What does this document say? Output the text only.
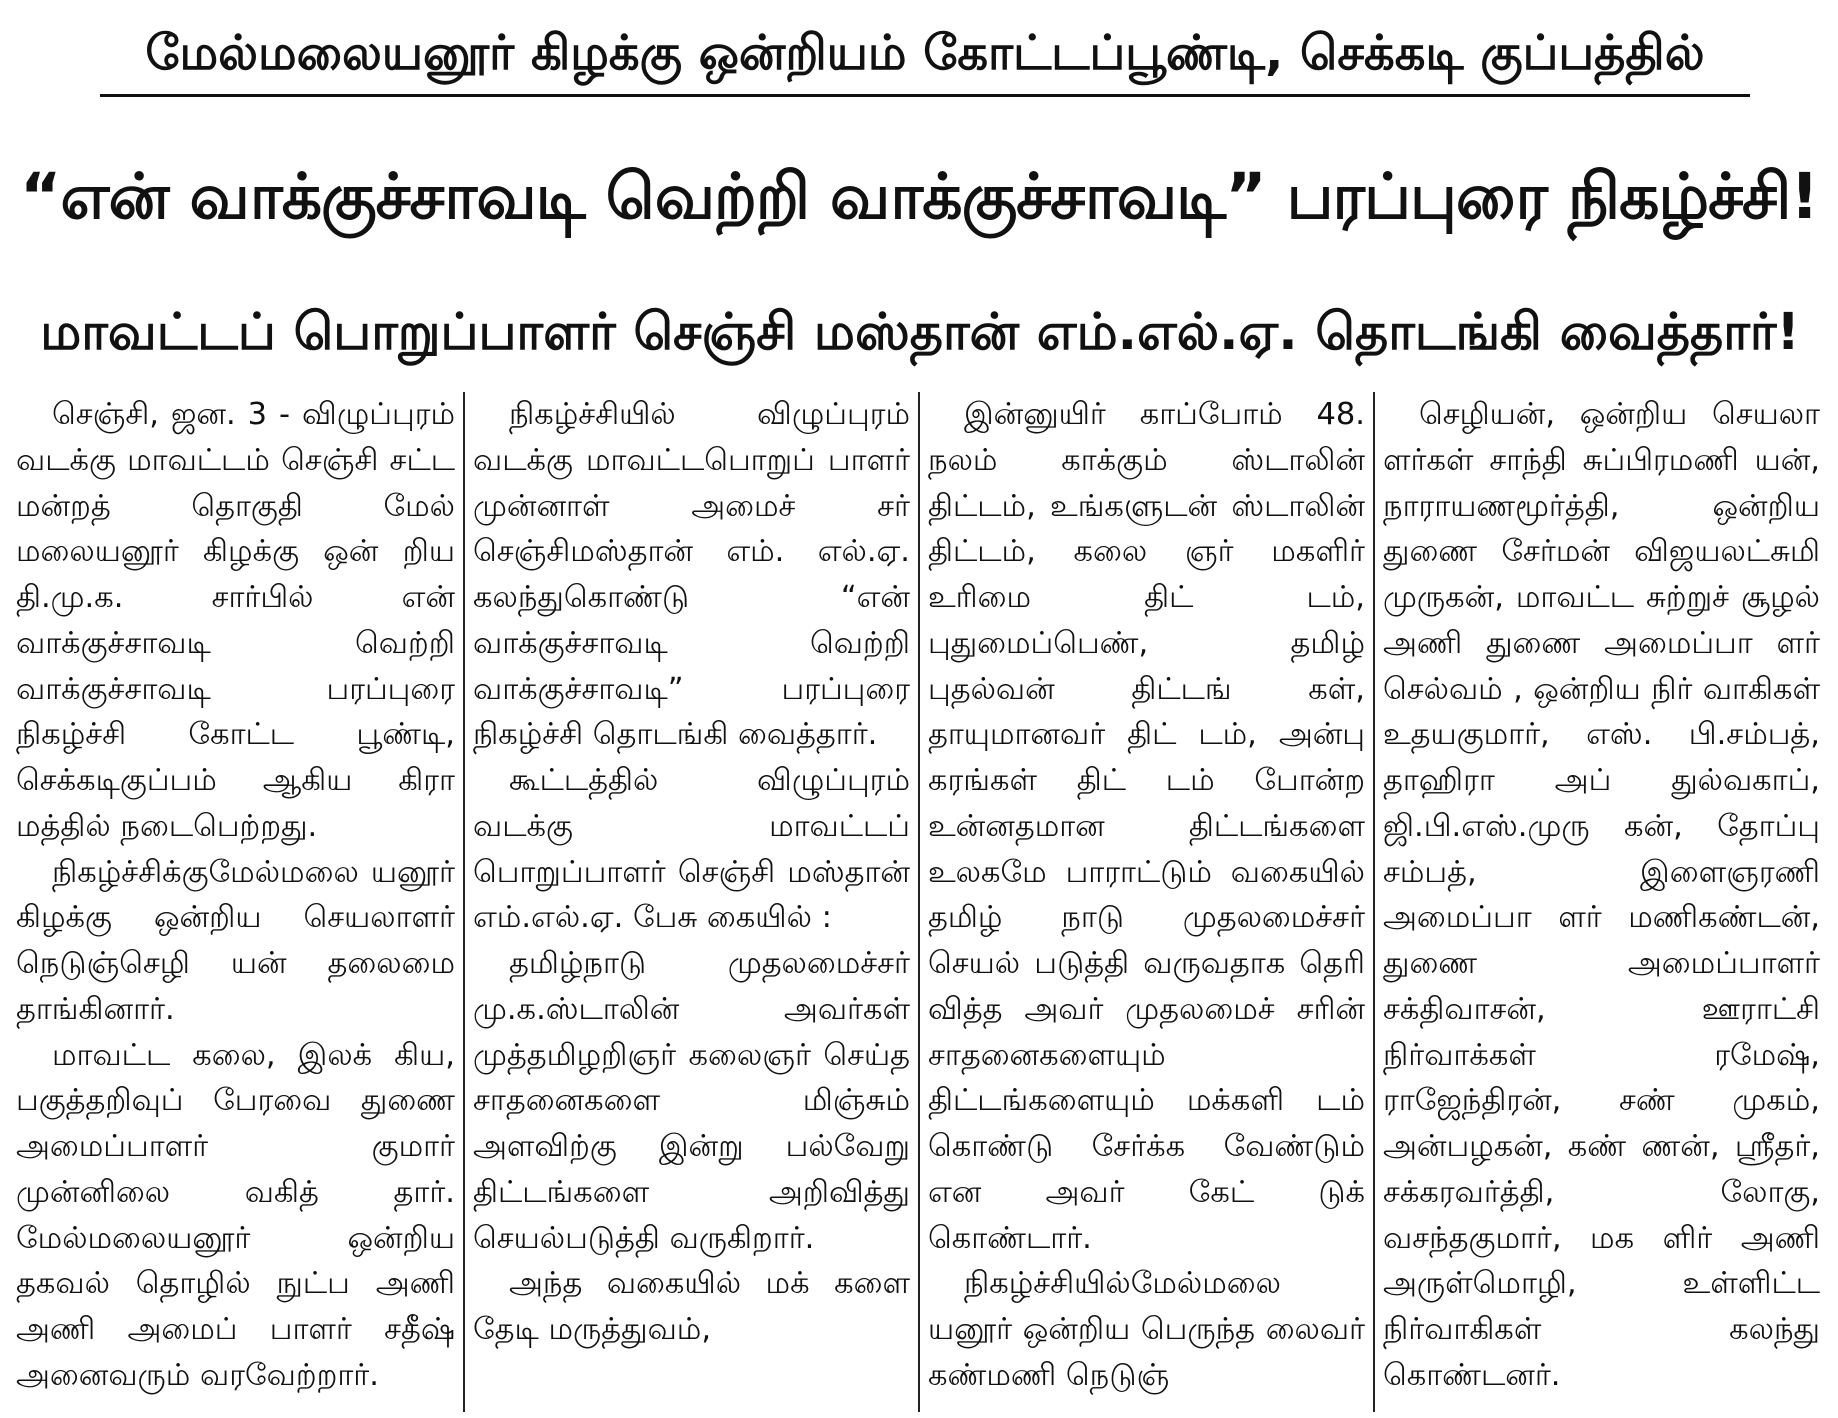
மேல்மலையனூர் கிழக்கு ஒன்றியம் கோட்டப்பூண்டி, செக்கடி குப்பத்தில்
“என் வாக்குச்சாவடி வெற்றி வாக்குச்சாவடி” பரப்புரை நிகழ்ச்சி!
மாவட்டப் பொறுப்பாளர் செஞ்சி மஸ்தான் எம்.எல்.ஏ. தொடங்கி வைத்தார்!

செஞ்சி, ஜன. 3 - விழுப்புரம் வடக்கு மாவட்டம் செஞ்சி சட்ட மன்றத் தொகுதி மேல் மலையனூர் கிழக்கு ஒன் றிய தி.மு.க. சார்பில் என் வாக்குச்சாவடி வெற்றி வாக்குச்சாவடி பரப்புரை நிகழ்ச்சி கோட்ட பூண்டி, செக்கடிகுப்பம் ஆகிய கிரா மத்தில் நடைபெற்றது.

நிகழ்ச்சிக்குமேல்மலை யனூர் கிழக்கு ஒன்றிய செயலாளர் நெடுஞ்செழி யன் தலைமை தாங்கினார்.

மாவட்ட கலை, இலக் கிய, பகுத்தறிவுப் பேரவை துணை அமைப்பாளர் குமார் முன்னிலை வகித் தார். மேல்மலையனூர் ஒன்றிய தகவல் தொழில் நுட்ப அணி அணி அமைப் பாளர் சதீஷ் அனைவரும் வரவேற்றார்.

நிகழ்ச்சியில் விழுப்புரம் வடக்கு மாவட்டபொறுப் பாளர் முன்னாள் அமைச் சர் செஞ்சிமஸ்தான் எம். எல்.ஏ. கலந்துகொண்டு “என் வாக்குச்சாவடி வெற்றி வாக்குச்சாவடி” பரப்புரை நிகழ்ச்சி தொடங்கி வைத்தார்.

கூட்டத்தில் விழுப்புரம் வடக்கு மாவட்டப் பொறுப்பாளர் செஞ்சி மஸ்தான் எம்.எல்.ஏ. பேசு கையில் :

தமிழ்நாடு முதலமைச்சர் மு.க.ஸ்டாலின் அவர்கள் முத்தமிழறிஞர் கலைஞர் செய்த சாதனைகளை மிஞ்சும் அளவிற்கு இன்று பல்வேறு திட்டங்களை அறிவித்து செயல்படுத்தி வருகிறார்.

அந்த வகையில் மக் களை தேடி மருத்துவம்,

இன்னுயிர் காப்போம் 48. நலம் காக்கும் ஸ்டாலின் திட்டம், உங்களுடன் ஸ்டாலின் திட்டம், கலை ஞர் மகளிர் உரிமை திட் டம், புதுமைப்பெண், தமிழ் புதல்வன் திட்டங் கள், தாயுமானவர் திட் டம், அன்பு கரங்கள் திட் டம் போன்ற உன்னதமான திட்டங்களை உலகமே பாராட்டும் வகையில் தமிழ் நாடு முதலமைச்சர் செயல் படுத்தி வருவதாக தெரி வித்த அவர் முதலமைச் சரின் சாதனைகளையும் திட்டங்களையும் மக்களி டம் கொண்டு சேர்க்க வேண்டும் என அவர் கேட் டுக் கொண்டார்.

நிகழ்ச்சியில்மேல்மலை யனூர் ஒன்றிய பெருந்த லைவர் கண்மணி நெடுஞ்

செழியன், ஒன்றிய செயலா ளர்கள் சாந்தி சுப்பிரமணி யன், நாராயணமூர்த்தி, ஒன்றிய துணை சேர்மன் விஜயலட்சுமி முருகன், மாவட்ட சுற்றுச் சூழல் அணி துணை அமைப்பா ளர் செல்வம் , ஒன்றிய நிர் வாகிகள் உதயகுமார், எஸ். பி.சம்பத், தாஹிரா அப் துல்வகாப், ஜி.பி.எஸ்.முரு கன், தோப்பு சம்பத், இளைஞரணி அமைப்பா ளர் மணிகண்டன், துணை அமைப்பாளர் சக்திவாசன், ஊராட்சி நிர்வாக்கள் ரமேஷ், ராஜேந்திரன், சண் முகம், அன்பழகன், கண் ணன், ஸ்ரீதர், சக்கரவர்த்தி, லோகு, வசந்தகுமார், மக ளிர் அணி அருள்மொழி, உள்ளிட்ட நிர்வாகிகள் கலந்து கொண்டனர்.
